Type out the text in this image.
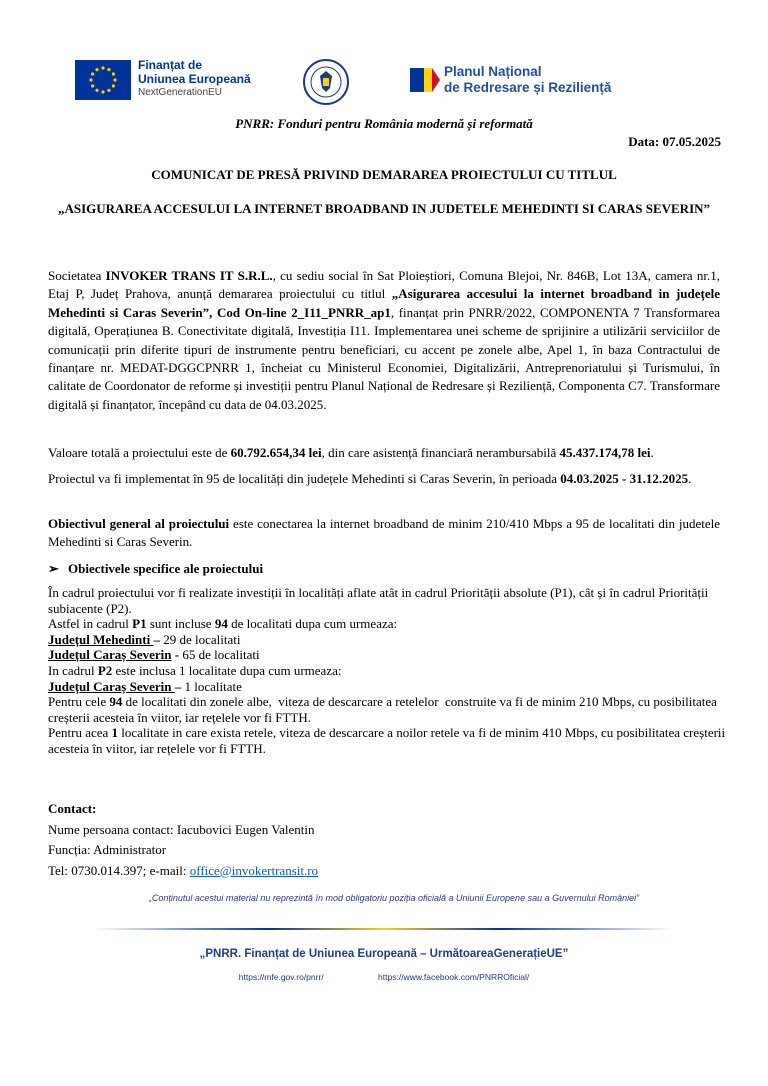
Finanțat de
Uniunea Europeană
NextGenerationEU
Planul Național
de Redresare și Reziliență
PNRR: Fonduri pentru România modernă și reformată
Data: 07.05.2025
COMUNICAT DE PRESĂ PRIVIND DEMARAREA PROIECTULUI CU TITLUL
„ASIGURAREA ACCESULUI LA INTERNET BROADBAND IN JUDETELE MEHEDINTI SI CARAS SEVERIN”
Societatea INVOKER TRANS IT S.R.L., cu sediu social în Sat Ploieștiori, Comuna Blejoi, Nr. 846B, Lot 13A, camera nr.1, Etaj P, Județ Prahova, anunță demararea proiectului cu titlul „Asigurarea accesului la internet broadband in județele Mehedinti si Caras Severin”, Cod On-line 2_I11_PNRR_ap1, finanțat prin PNRR/2022, COMPONENTA 7 Transformarea digitală, Operațiunea B. Conectivitate digitală, Investiția I11. Implementarea unei scheme de sprijinire a utilizării serviciilor de comunicații prin diferite tipuri de instrumente pentru beneficiari, cu accent pe zonele albe, Apel 1, în baza Contractului de finanțare nr. MEDAT-DGGCPNRR 1, încheiat cu Ministerul Economiei, Digitalizării, Antreprenoriatului și Turismului, în calitate de Coordonator de reforme și investiții pentru Planul Național de Redresare și Reziliență, Componenta C7. Transformare digitală și finanțator, începând cu data de 04.03.2025.
Valoare totală a proiectului este de 60.792.654,34 lei, din care asistență financiară nerambursabilă 45.437.174,78 lei.
Proiectul va fi implementat în 95 de localități din județele Mehedinti si Caras Severin, în perioada 04.03.2025 - 31.12.2025.
Obiectivul general al proiectului este conectarea la internet broadband de minim 210/410 Mbps a 95 de localitati din judetele Mehedinti si Caras Severin.
➢ Obiectivele specifice ale proiectului
În cadrul proiectului vor fi realizate investiții în localități aflate atât in cadrul Priorității absolute (P1), cât și în cadrul Priorității subiacente (P2).
Astfel in cadrul P1 sunt incluse 94 de localitati dupa cum urmeaza:
Județul Mehedinti – 29 de localitati
Județul Caraș Severin - 65 de localitati
In cadrul P2 este inclusa 1 localitate dupa cum urmeaza:
Județul Caraș Severin – 1 localitate
Pentru cele 94 de localitati din zonele albe,  viteza de descarcare a retelelor  construite va fi de minim 210 Mbps, cu posibilitatea creșterii acesteia în viitor, iar rețelele vor fi FTTH.
Pentru acea 1 localitate in care exista retele, viteza de descarcare a noilor retele va fi de minim 410 Mbps, cu posibilitatea creșterii acesteia în viitor, iar rețelele vor fi FTTH.
Contact:
Nume persoana contact: Iacubovici Eugen Valentin
Funcția: Administrator
Tel: 0730.014.397; e-mail: office@invokertransit.ro
„Conținutul acestui material nu reprezintă în mod obligatoriu poziția oficială a Uniunii Europene sau a Guvernului României”
„PNRR. Finanțat de Uniunea Europeană – UrmătoareaGenerațieUE”
https://mfe.gov.ro/pnrr/	https://www.facebook.com/PNRROficial/
